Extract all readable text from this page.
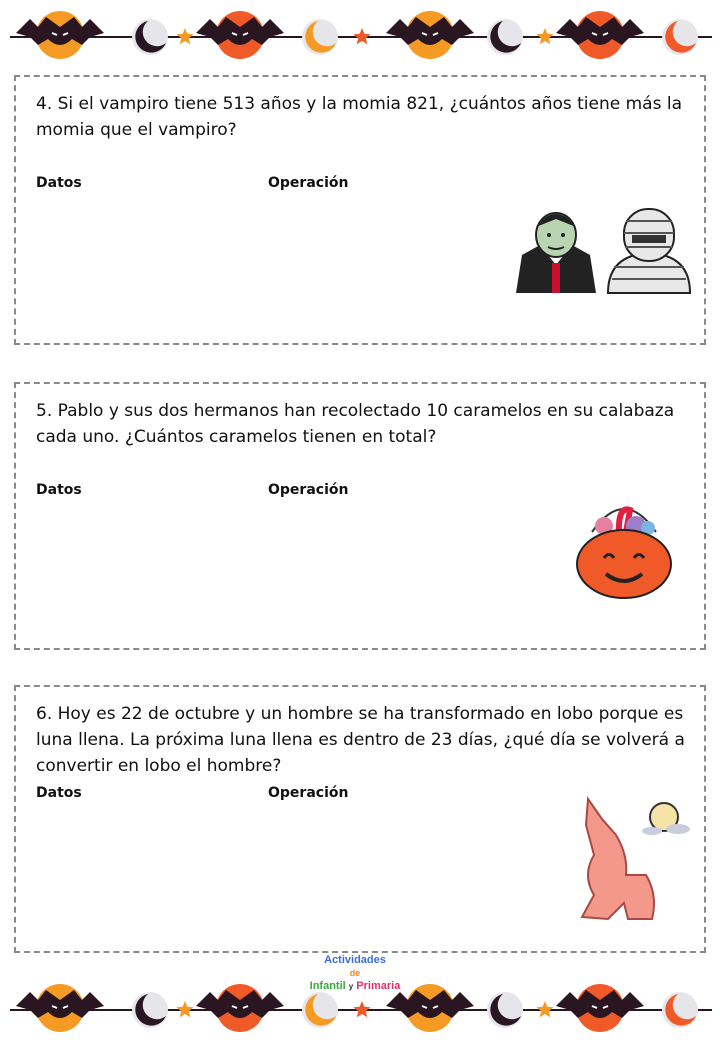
4. Si el vampiro tiene 513 años y la momia 821, ¿cuántos años tiene más la momia que el vampiro?
Datos	Operación
5. Pablo y sus dos hermanos han recolectado 10 caramelos en su calabaza cada uno. ¿Cuántos caramelos tienen en total?
Datos	Operación
6. Hoy es 22 de octubre y un hombre se ha transformado en lobo porque es luna llena. La próxima luna llena es dentro de 23 días, ¿qué día se volverá a convertir en lobo el hombre?
Datos	Operación
Actividades
de
Infantil y Primaria
